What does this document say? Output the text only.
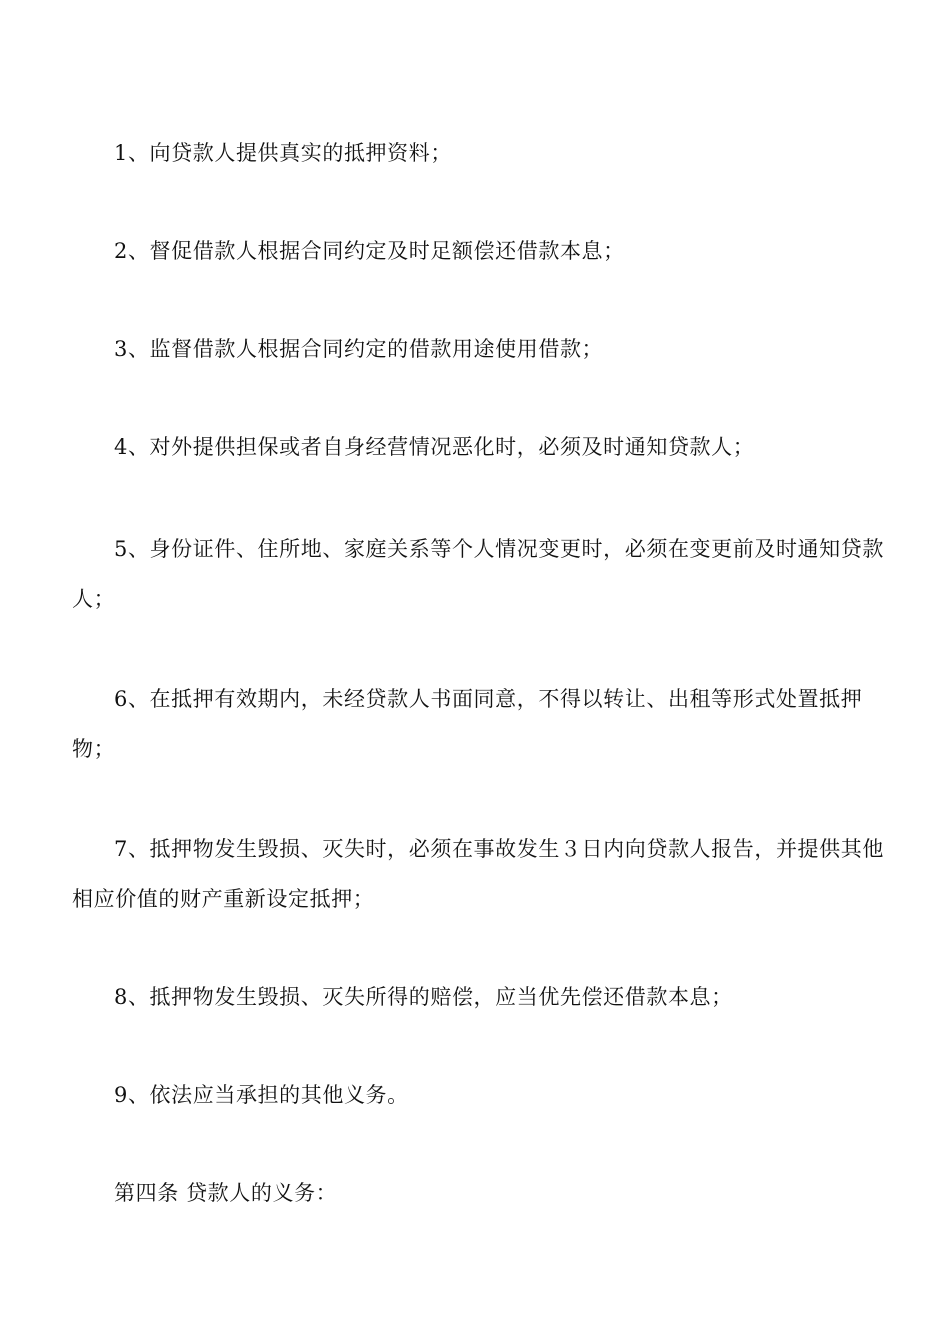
1、向贷款人提供真实的抵押资料；

2、督促借款人根据合同约定及时足额偿还借款本息；

3、监督借款人根据合同约定的借款用途使用借款；

4、对外提供担保或者自身经营情况恶化时，必须及时通知贷款人；

5、身份证件、住所地、家庭关系等个人情况变更时，必须在变更前及时通知贷款人；

6、在抵押有效期内，未经贷款人书面同意，不得以转让、出租等形式处置抵押物；

7、抵押物发生毁损、灭失时，必须在事故发生３日内向贷款人报告，并提供其他相应价值的财产重新设定抵押；

8、抵押物发生毁损、灭失所得的赔偿，应当优先偿还借款本息；

9、依法应当承担的其他义务。

第四条 贷款人的义务：
